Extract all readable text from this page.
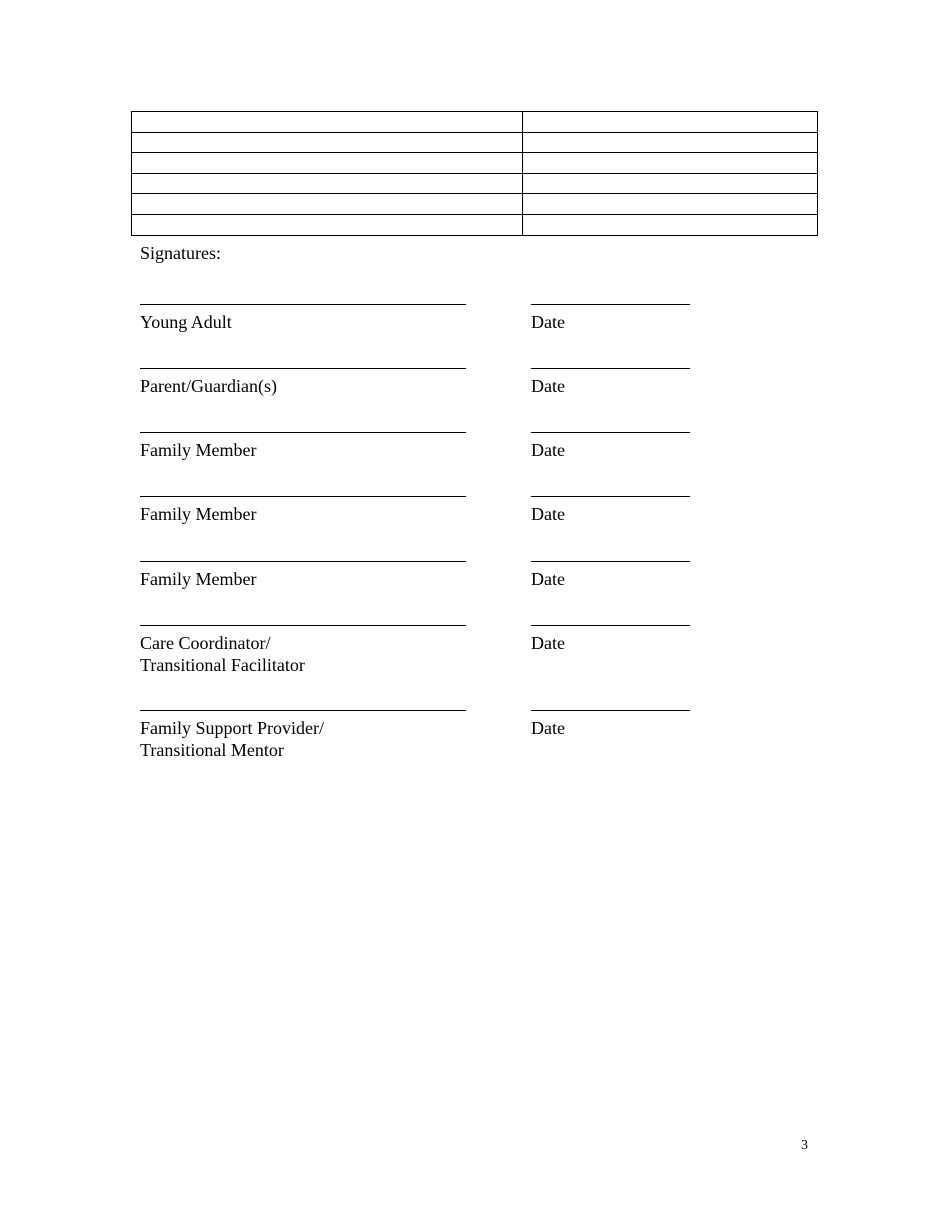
Signatures:
Young Adult	Date
Parent/Guardian(s)	Date
Family Member	Date
Family Member	Date
Family Member	Date
Care Coordinator/
Transitional Facilitator
Date
Family Support Provider/
Transitional Mentor
Date
3
